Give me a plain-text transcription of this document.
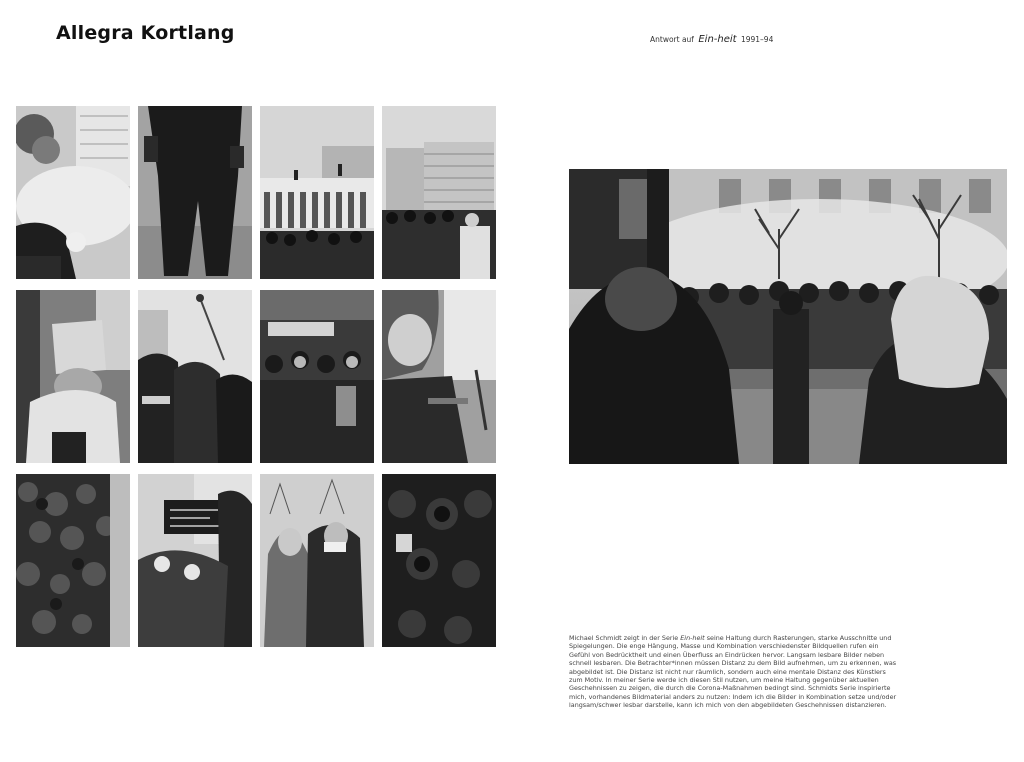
Allegra Kortlang	Antwort auf Ein-heit 1991–94

Michael Schmidt zeigt in der Serie Ein-heit seine Haltung durch Rasterungen, starke Ausschnitte und Spiegelungen. Die enge Hängung, Masse und Kombination verschiedenster Bildquellen rufen ein Gefühl von Bedrücktheit und einen Überfluss an Eindrücken hervor. Langsam lesbare Bilder neben schnell lesbaren. Die Betrachter*innen müssen Distanz zu dem Bild aufnehmen, um zu erkennen, was abgebildet ist. Die Distanz ist nicht nur räumlich, sondern auch eine mentale Distanz des Künstlers zum Motiv. In meiner Serie werde ich diesen Stil nutzen, um meine Haltung gegenüber aktuellen Geschehnissen zu zeigen, die durch die Corona-Maßnahmen bedingt sind. Schmidts Serie inspirierte mich, vorhandenes Bildmaterial anders zu nutzen: Indem ich die Bilder in Kombination setze und/oder langsam/schwer lesbar darstelle, kann ich mich von den abgebildeten Geschehnissen distanzieren.
